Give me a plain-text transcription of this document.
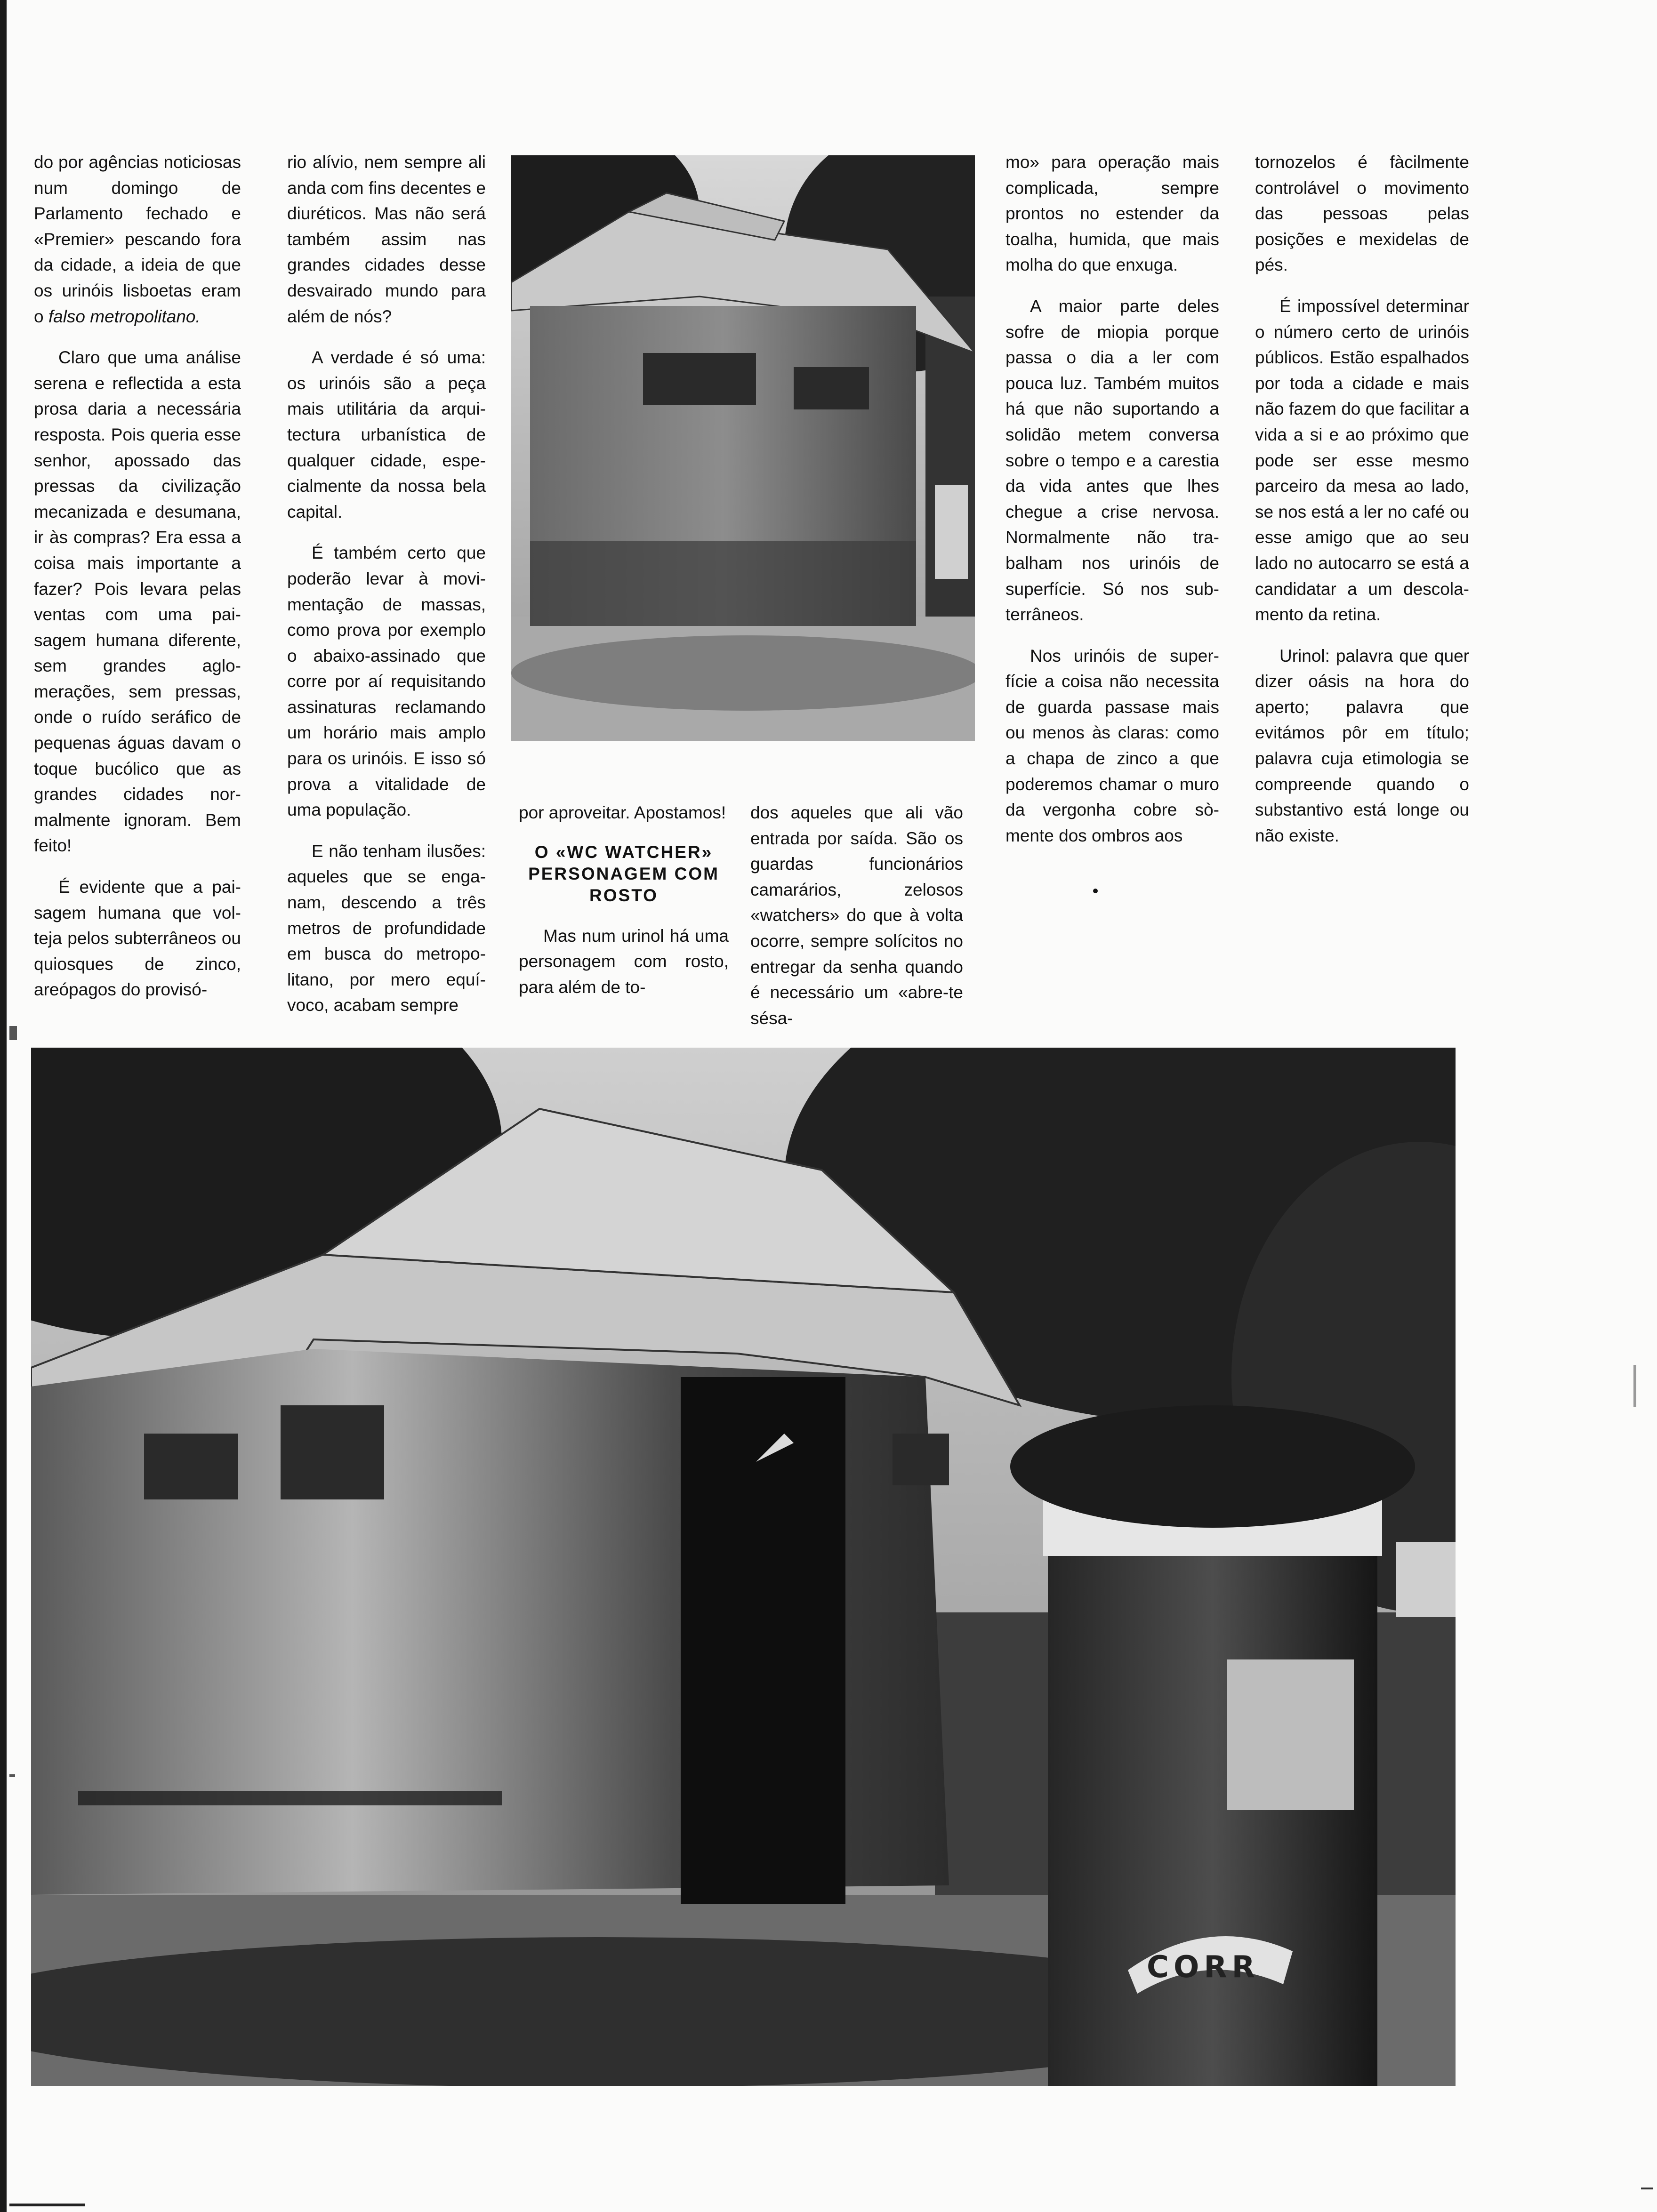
do por agências noticiosas num domingo de Parlamento fechado e «Premier» pescando fora da cidade, a ideia de que os urinóis lisboetas eram o falso metropolitano.

Claro que uma análise serena e reflectida a esta prosa daria a necessária resposta. Pois queria esse senhor, apossado das pressas da civilização mecanizada e desumana, ir às compras? Era essa a coisa mais importante a fazer? Pois levara pelas ventas com uma paisagem humana diferente, sem grandes aglomerações, sem pressas, onde o ruído seráfico de pequenas águas davam o toque bucólico que as grandes cidades normalmente ignoram. Bem feito!

É evidente que a paisagem humana que volteja pelos subterrâneos ou quiosques de zinco, areópagos do provisó-

rio alívio, nem sempre ali anda com fins decentes e diuréticos. Mas não será também assim nas grandes cidades desse desvairado mundo para além de nós?

A verdade é só uma: os urinóis são a peça mais utilitária da arquitectura urbanística de qualquer cidade, especialmente da nossa bela capital.

É também certo que poderão levar à movimentação de massas, como prova por exemplo o abaixo-assinado que corre por aí requisitando assinaturas reclamando um horário mais amplo para os urinóis. E isso só prova a vitalidade de uma população.

E não tenham ilusões: aqueles que se enganam, descendo a três metros de profundidade em busca do metropolitano, por mero equívoco, acabam sempre

por aproveitar. Apostamos!

O «WC WATCHER» PERSONAGEM COM ROSTO

Mas num urinol há uma personagem com rosto, para além de to-

dos aqueles que ali vão entrada por saída. São os guardas funcionários camarários, zelosos «watchers» do que à volta ocorre, sempre solícitos no entregar da senha quando é necessário um «abre-te sésa-

mo» para operação mais complicada, sempre prontos no estender da toalha, humida, que mais molha do que enxuga.

A maior parte deles sofre de miopia porque passa o dia a ler com pouca luz. Também muitos há que não suportando a solidão metem conversa sobre o tempo e a carestia da vida antes que lhes chegue a crise nervosa. Normalmente não trabalham nos urinóis de superfície. Só nos subterrâneos.

Nos urinóis de superfície a coisa não necessita de guarda passase mais ou menos às claras: como a chapa de zinco a que poderemos chamar o muro da vergonha cobre sòmente dos ombros aos

tornozelos é fàcilmente controlável o movimento das pessoas pelas posições e mexidelas de pés.

É impossível determinar o número certo de urinóis públicos. Estão espalhados por toda a cidade e mais não fazem do que facilitar a vida a si e ao próximo que pode ser esse mesmo parceiro da mesa ao lado, se nos está a ler no café ou esse amigo que ao seu lado no autocarro se está a candidatar a um descolamento da retina.

Urinol: palavra que quer dizer oásis na hora do aperto; palavra que evitámos pôr em título; palavra cuja etimologia se compreende quando o substantivo está longe ou não existe.

CORR
